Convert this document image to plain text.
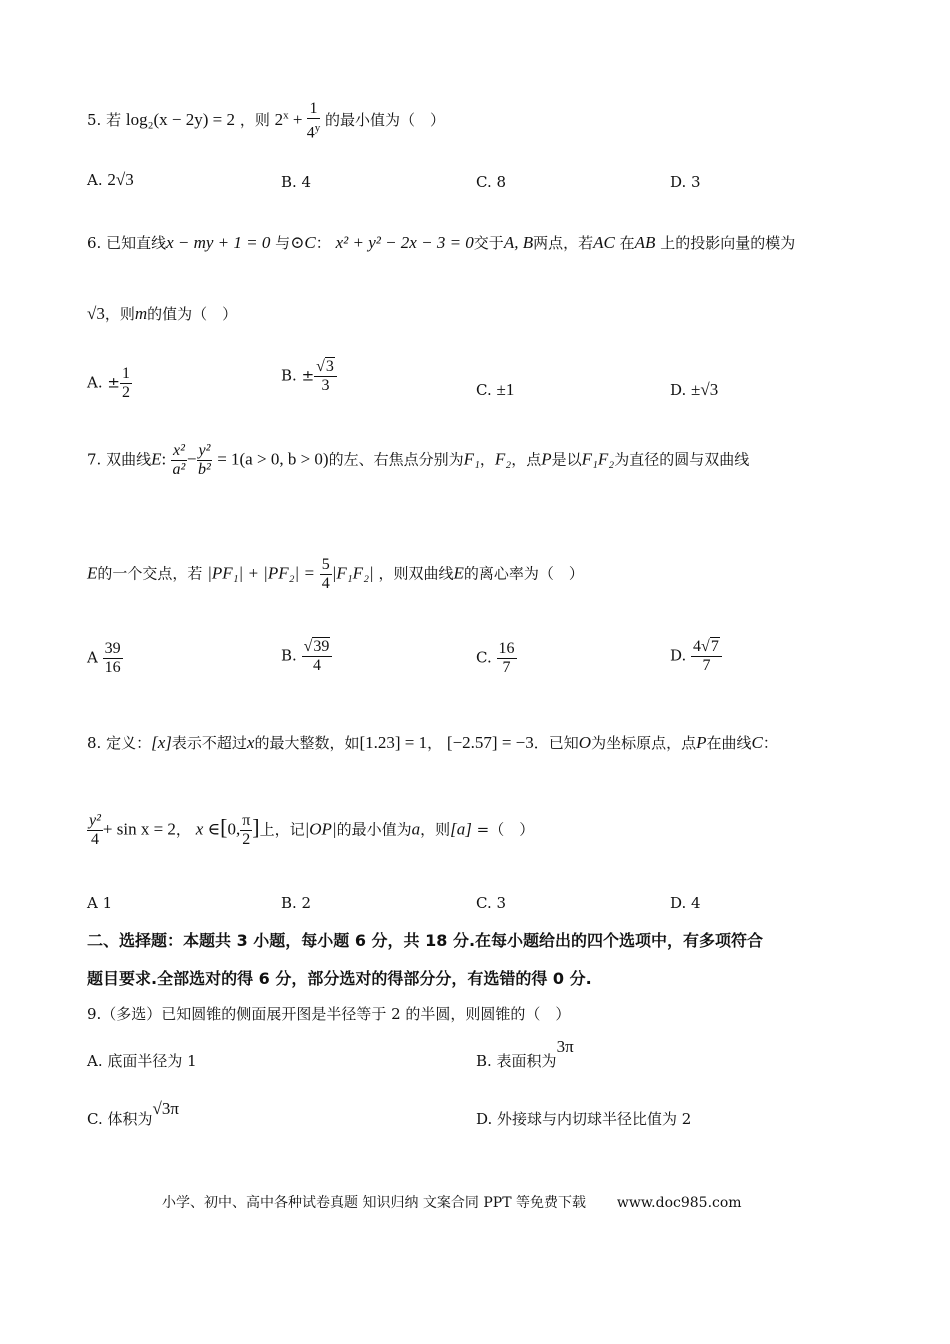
5. 若 log₂(x − 2y) = 2 ，则 $2^x + \frac{1}{4^y}$ 的最小值为（　）
A. 2√3	B. 4	C. 8	D. 3
6. 已知直线x − my + 1 = 0 与⊙C： x² + y² − 2x − 3 = 0交于A, B两点，若AC 在AB 上的投影向量的模为
√3，则m的值为（　）
A. ± $\frac{1}{2}$	B. ± $\frac{√3}{3}$	C. ±1	D. ±√3
7. 双曲线E: $\frac{\text{x²}}{\text{a²}} - \frac{\text{y²}}{\text{b²}} = 1(a > 0$, b > 0)的左、右焦点分别为F₁，F₂，点P是以F₁F₂为直径的圆与双曲线
E的一个交点，若 $|PF_1| + |PF_2| = \frac{5}{4} |F_1F_2|$ ，则双曲线E的离心率为（　）
A $\frac{39}{16}$	B. $\frac{√39}{4}$	C. $\frac{16}{7}$	D. $\frac{4√7}{7}$
8. 定义：[x]表示不超过x的最大整数，如[1.23] = 1， [−2.57] = −3．已知O为坐标原点，点P在曲线C：
$\frac{\text{y²}}{4} + \sin x = 2$， x ∈[0, $\frac{\pi}{2}$ ]上，记|OP|的最小值为a，则[a] =（　）
A 1	B. 2	C. 3	D. 4
二、选择题：本题共 3 小题，每小题 6 分，共 18 分.在每小题给出的四个选项中，有多项符合
题目要求.全部选对的得 6 分，部分选对的得部分分，有选错的得 0 分.
9.（多选）已知圆锥的侧面展开图是半径等于 2 的半圆，则圆锥的（　）
A. 底面半径为 1	B. 表面积为3π
C. 体积为√3π
D. 外接球与内切球半径比值为 2
小学、初中、高中各种试卷真题 知识归纳 文案合同 PPT 等免费下载 www.doc985.com
